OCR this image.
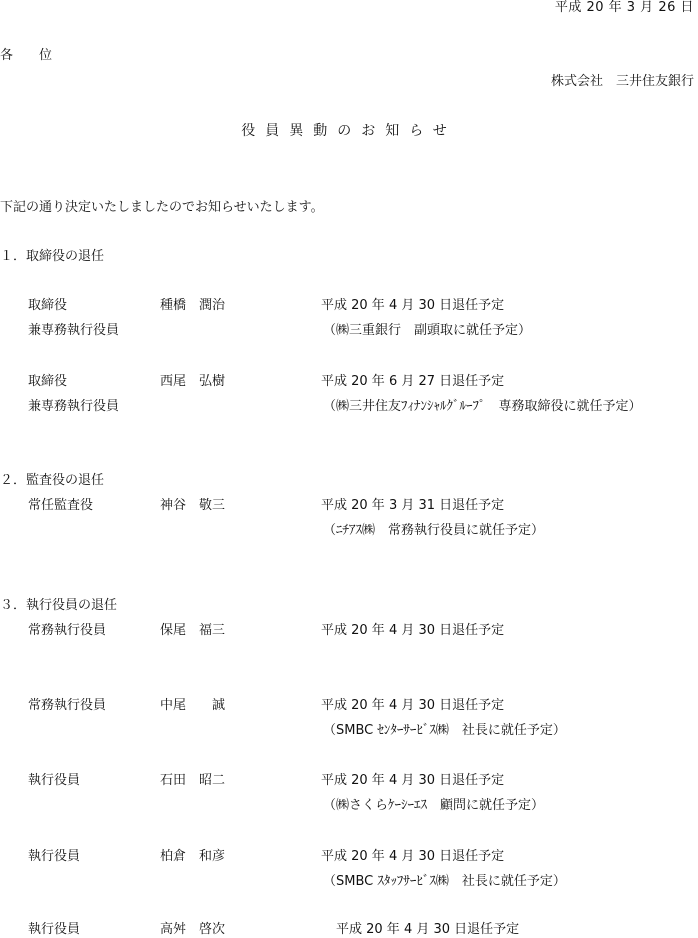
平成 20 年 3 月 26 日
各　　位
株式会社　三井住友銀行
役員異動のお知らせ
下記の通り決定いたしましたのでお知らせいたします。
１．取締役の退任
取締役	種橋　潤治	平成 20 年 4 月 30 日退任予定
兼専務執行役員	（㈱三重銀行　副頭取に就任予定）
取締役	西尾　弘樹	平成 20 年 6 月 27 日退任予定
兼専務執行役員	（㈱三井住友ﾌｨﾅﾝｼｬﾙｸﾞﾙｰﾌﾟ　専務取締役に就任予定）
２．監査役の退任
常任監査役	神谷　敬三	平成 20 年 3 月 31 日退任予定
（ﾆﾁｱｽ㈱　常務執行役員に就任予定）
３．執行役員の退任
常務執行役員	保尾　福三	平成 20 年 4 月 30 日退任予定
常務執行役員	中尾　　誠	平成 20 年 4 月 30 日退任予定
（SMBC ｾﾝﾀｰｻｰﾋﾞｽ㈱　社長に就任予定）
執行役員	石田　昭二	平成 20 年 4 月 30 日退任予定
（㈱さくらｹｰｼｰｴｽ　顧問に就任予定）
執行役員	柏倉　和彦	平成 20 年 4 月 30 日退任予定
（SMBC ｽﾀｯﾌｻｰﾋﾞｽ㈱　社長に就任予定）
執行役員	高舛　啓次	平成 20 年 4 月 30 日退任予定
